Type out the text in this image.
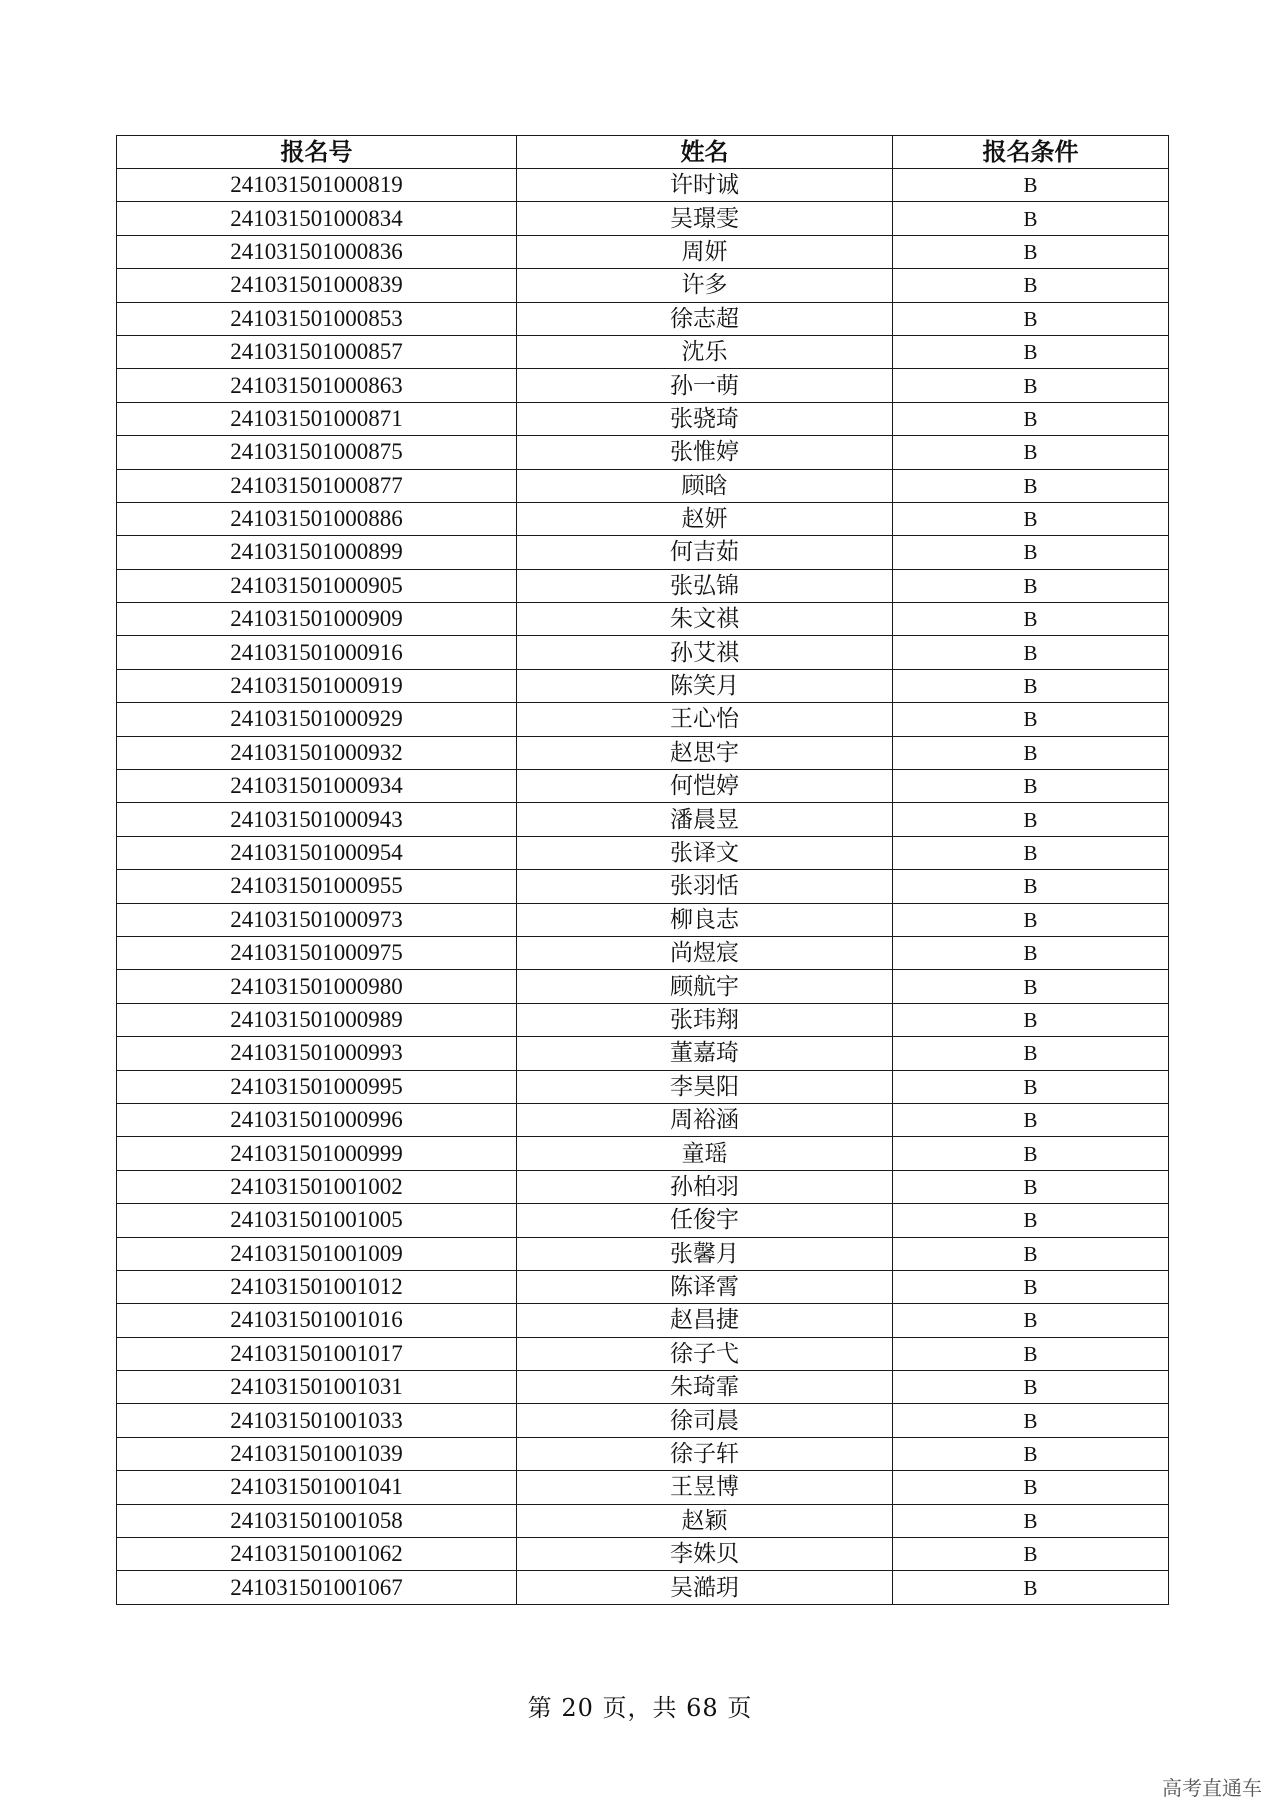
报名号	姓名	报名条件
241031501000819	许时诚	B
241031501000834	吴璟雯	B
241031501000836	周妍	B
241031501000839	许多	B
241031501000853	徐志超	B
241031501000857	沈乐	B
241031501000863	孙一萌	B
241031501000871	张骁琦	B
241031501000875	张惟婷	B
241031501000877	顾晗	B
241031501000886	赵妍	B
241031501000899	何吉茹	B
241031501000905	张弘锦	B
241031501000909	朱文祺	B
241031501000916	孙艾祺	B
241031501000919	陈笑月	B
241031501000929	王心怡	B
241031501000932	赵思宇	B
241031501000934	何恺婷	B
241031501000943	潘晨昱	B
241031501000954	张译文	B
241031501000955	张羽恬	B
241031501000973	柳良志	B
241031501000975	尚煜宸	B
241031501000980	顾航宇	B
241031501000989	张玮翔	B
241031501000993	董嘉琦	B
241031501000995	李昊阳	B
241031501000996	周裕涵	B
241031501000999	童瑶	B
241031501001002	孙柏羽	B
241031501001005	任俊宇	B
241031501001009	张馨月	B
241031501001012	陈译霄	B
241031501001016	赵昌捷	B
241031501001017	徐子弋	B
241031501001031	朱琦霏	B
241031501001033	徐司晨	B
241031501001039	徐子轩	B
241031501001041	王昱博	B
241031501001058	赵颖	B
241031501001062	李姝贝	B
241031501001067	吴澔玥	B
第 20 页，共 68 页
高考直通车
